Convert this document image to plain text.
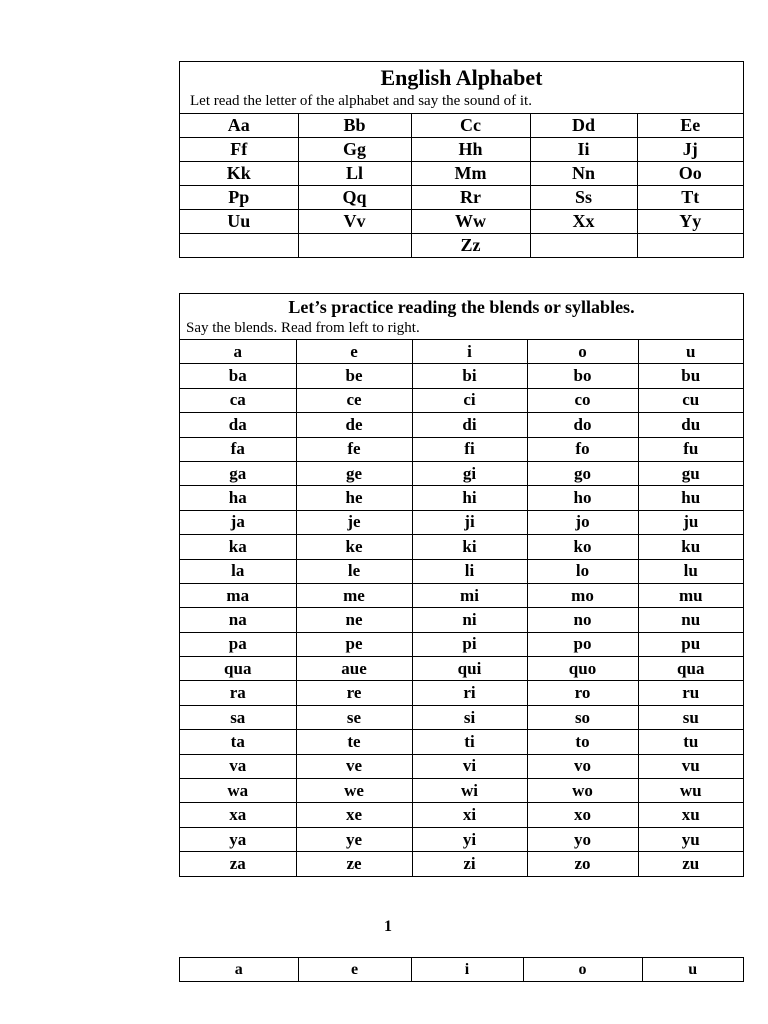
English Alphabet
Let read the letter of the alphabet and say the sound of it.
Aa	Bb	Cc	Dd	Ee
Ff	Gg	Hh	Ii	Jj
Kk	Ll	Mm	Nn	Oo
Pp	Qq	Rr	Ss	Tt
Uu	Vv	Ww	Xx	Yy
		Zz		
Let’s practice reading the blends or syllables.
Say the blends. Read from left to right.
a	e	i	o	u
ba	be	bi	bo	bu
ca	ce	ci	co	cu
da	de	di	do	du
fa	fe	fi	fo	fu
ga	ge	gi	go	gu
ha	he	hi	ho	hu
ja	je	ji	jo	ju
ka	ke	ki	ko	ku
la	le	li	lo	lu
ma	me	mi	mo	mu
na	ne	ni	no	nu
pa	pe	pi	po	pu
qua	aue	qui	quo	qua
ra	re	ri	ro	ru
sa	se	si	so	su
ta	te	ti	to	tu
va	ve	vi	vo	vu
wa	we	wi	wo	wu
xa	xe	xi	xo	xu
ya	ye	yi	yo	yu
za	ze	zi	zo	zu
1
a	e	i	o	u
